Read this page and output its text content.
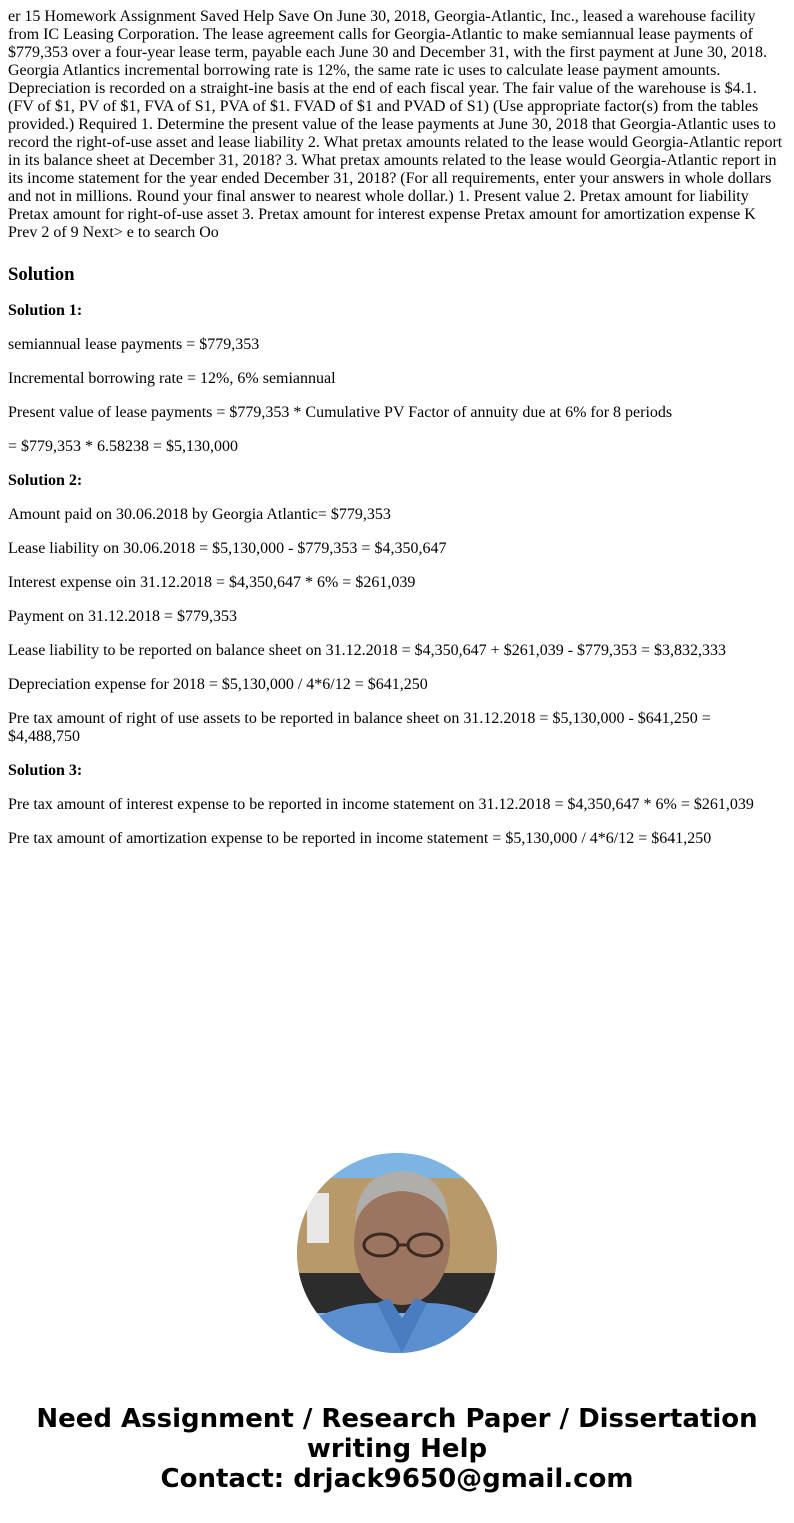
er 15 Homework Assignment Saved Help Save On June 30, 2018, Georgia-Atlantic, Inc., leased a warehouse facility from IC Leasing Corporation. The lease agreement calls for Georgia-Atlantic to make semiannual lease payments of $779,353 over a four-year lease term, payable each June 30 and December 31, with the first payment at June 30, 2018. Georgia Atlantics incremental borrowing rate is 12%, the same rate ic uses to calculate lease payment amounts. Depreciation is recorded on a straight-ine basis at the end of each fiscal year. The fair value of the warehouse is $4.1. (FV of $1, PV of $1, FVA of S1, PVA of $1. FVAD of $1 and PVAD of S1) (Use appropriate factor(s) from the tables provided.) Required 1. Determine the present value of the lease payments at June 30, 2018 that Georgia-Atlantic uses to record the right-of-use asset and lease liability 2. What pretax amounts related to the lease would Georgia-Atlantic report in its balance sheet at December 31, 2018? 3. What pretax amounts related to the lease would Georgia-Atlantic report in its income statement for the year ended December 31, 2018? (For all requirements, enter your answers in whole dollars and not in millions. Round your final answer to nearest whole dollar.) 1. Present value 2. Pretax amount for liability Pretax amount for right-of-use asset 3. Pretax amount for interest expense Pretax amount for amortization expense K Prev 2 of 9 Next> e to search Oo

Solution

Solution 1:

semiannual lease payments = $779,353

Incremental borrowing rate = 12%, 6% semiannual

Present value of lease payments = $779,353 * Cumulative PV Factor of annuity due at 6% for 8 periods

= $779,353 * 6.58238 = $5,130,000

Solution 2:

Amount paid on 30.06.2018 by Georgia Atlantic= $779,353

Lease liability on 30.06.2018 = $5,130,000 - $779,353 = $4,350,647

Interest expense oin 31.12.2018 = $4,350,647 * 6% = $261,039

Payment on 31.12.2018 = $779,353

Lease liability to be reported on balance sheet on 31.12.2018 = $4,350,647 + $261,039 - $779,353 = $3,832,333

Depreciation expense for 2018 = $5,130,000 / 4*6/12 = $641,250

Pre tax amount of right of use assets to be reported in balance sheet on 31.12.2018 = $5,130,000 - $641,250 = $4,488,750

Solution 3:

Pre tax amount of interest expense to be reported in income statement on 31.12.2018 = $4,350,647 * 6% = $261,039

Pre tax amount of amortization expense to be reported in income statement = $5,130,000 / 4*6/12 = $641,250

Need Assignment / Research Paper / Dissertation
writing Help
Contact: drjack9650@gmail.com
